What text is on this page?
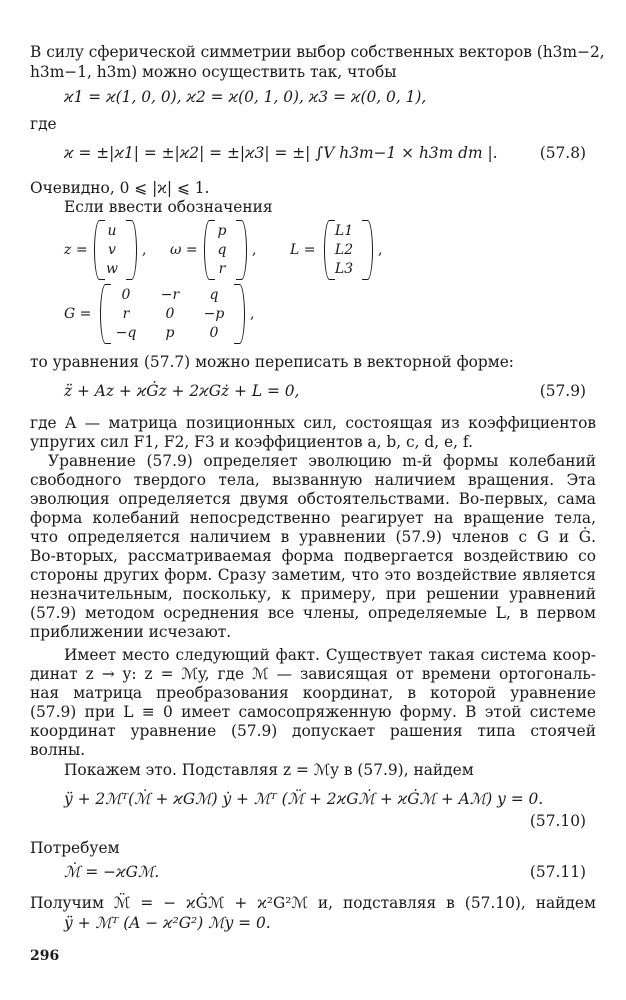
В силу сферической симметрии выбор собственных векторов (h3m−2,
h3m−1, h3m) можно осуществить так, чтобы
ϰ1 = ϰ(1, 0, 0), ϰ2 = ϰ(0, 1, 0), ϰ3 = ϰ(0, 0, 1),
где
ϰ = ±|ϰ1| = ±|ϰ2| = ±|ϰ3| = ±| ∫V h3m−1 × h3m dm |.	(57.8)
Очевидно, 0 ⩽ |ϰ| ⩽ 1.
Если ввести обозначения
z =
u
v
w
, ω =
p
q
r
, L =
L1
L2
L3
,
G =
0	−r	q
r	0	−p
−q	p	0
,
то уравнения (57.7) можно переписать в векторной форме:
z̈ + Az + ϰĠz + 2ϰGż + L = 0,	(57.9)
где A — матрица позиционных сил, состоящая из коэффициентов
упругих сил F1, F2, F3 и коэффициентов a, b, c, d, e, f.
Уравнение (57.9) определяет эволюцию m-й формы колебаний
свободного твердого тела, вызванную наличием вращения. Эта
эволюция определяется двумя обстоятельствами. Во-первых, сама
форма колебаний непосредственно реагирует на вращение тела,
что определяется наличием в уравнении (57.9) членов с G и Ġ.
Во-вторых, рассматриваемая форма подвергается воздействию со
стороны других форм. Сразу заметим, что это воздействие является
незначительным, поскольку, к примеру, при решении уравнений
(57.9) методом осреднения все члены, определяемые L, в первом
приближении исчезают.
Имеет место следующий факт. Существует такая система коор-
динат z → y: z = ℳy, где ℳ — зависящая от времени ортогональ-
ная матрица преобразования координат, в которой уравнение
(57.9) при L ≡ 0 имеет самосопряженную форму. В этой системе
координат уравнение (57.9) допускает рашения типа стоячей
волны.
Покажем это. Подставляя z = ℳy в (57.9), найдем
ÿ + 2ℳᵀ(ℳ̇ + ϰGℳ) ẏ + ℳᵀ (ℳ̈ + 2ϰGℳ̇ + ϰĠℳ + Aℳ) y = 0.
(57.10)
Потребуем
ℳ̇ = −ϰGℳ.	(57.11)
Получим ℳ̈ = − ϰĠℳ + ϰ²G²ℳ и, подставляя в (57.10), найдем
ÿ + ℳᵀ (A − ϰ²G²) ℳy = 0.
296
